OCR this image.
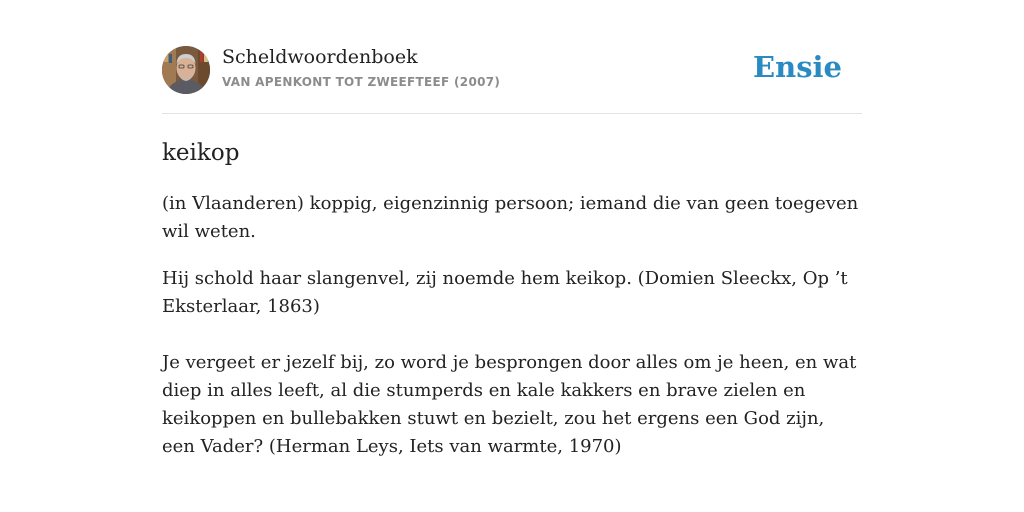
Scheldwoordenboek
VAN APENKONT TOT ZWEEFTEEF (2007)	Ensie
keikop
(in Vlaanderen) koppig, eigenzinnig persoon; iemand die van geen toegeven wil weten.
Hij schold haar slangenvel, zij noemde hem keikop. (Domien Sleeckx, Op ’t Eksterlaar, 1863)
Je vergeet er jezelf bij, zo word je besprongen door alles om je heen, en wat diep in alles leeft, al die stumperds en kale kakkers en brave zielen en keikoppen en bullebakken stuwt en bezielt, zou het ergens een God zijn, een Vader? (Herman Leys, Iets van warmte, 1970)
